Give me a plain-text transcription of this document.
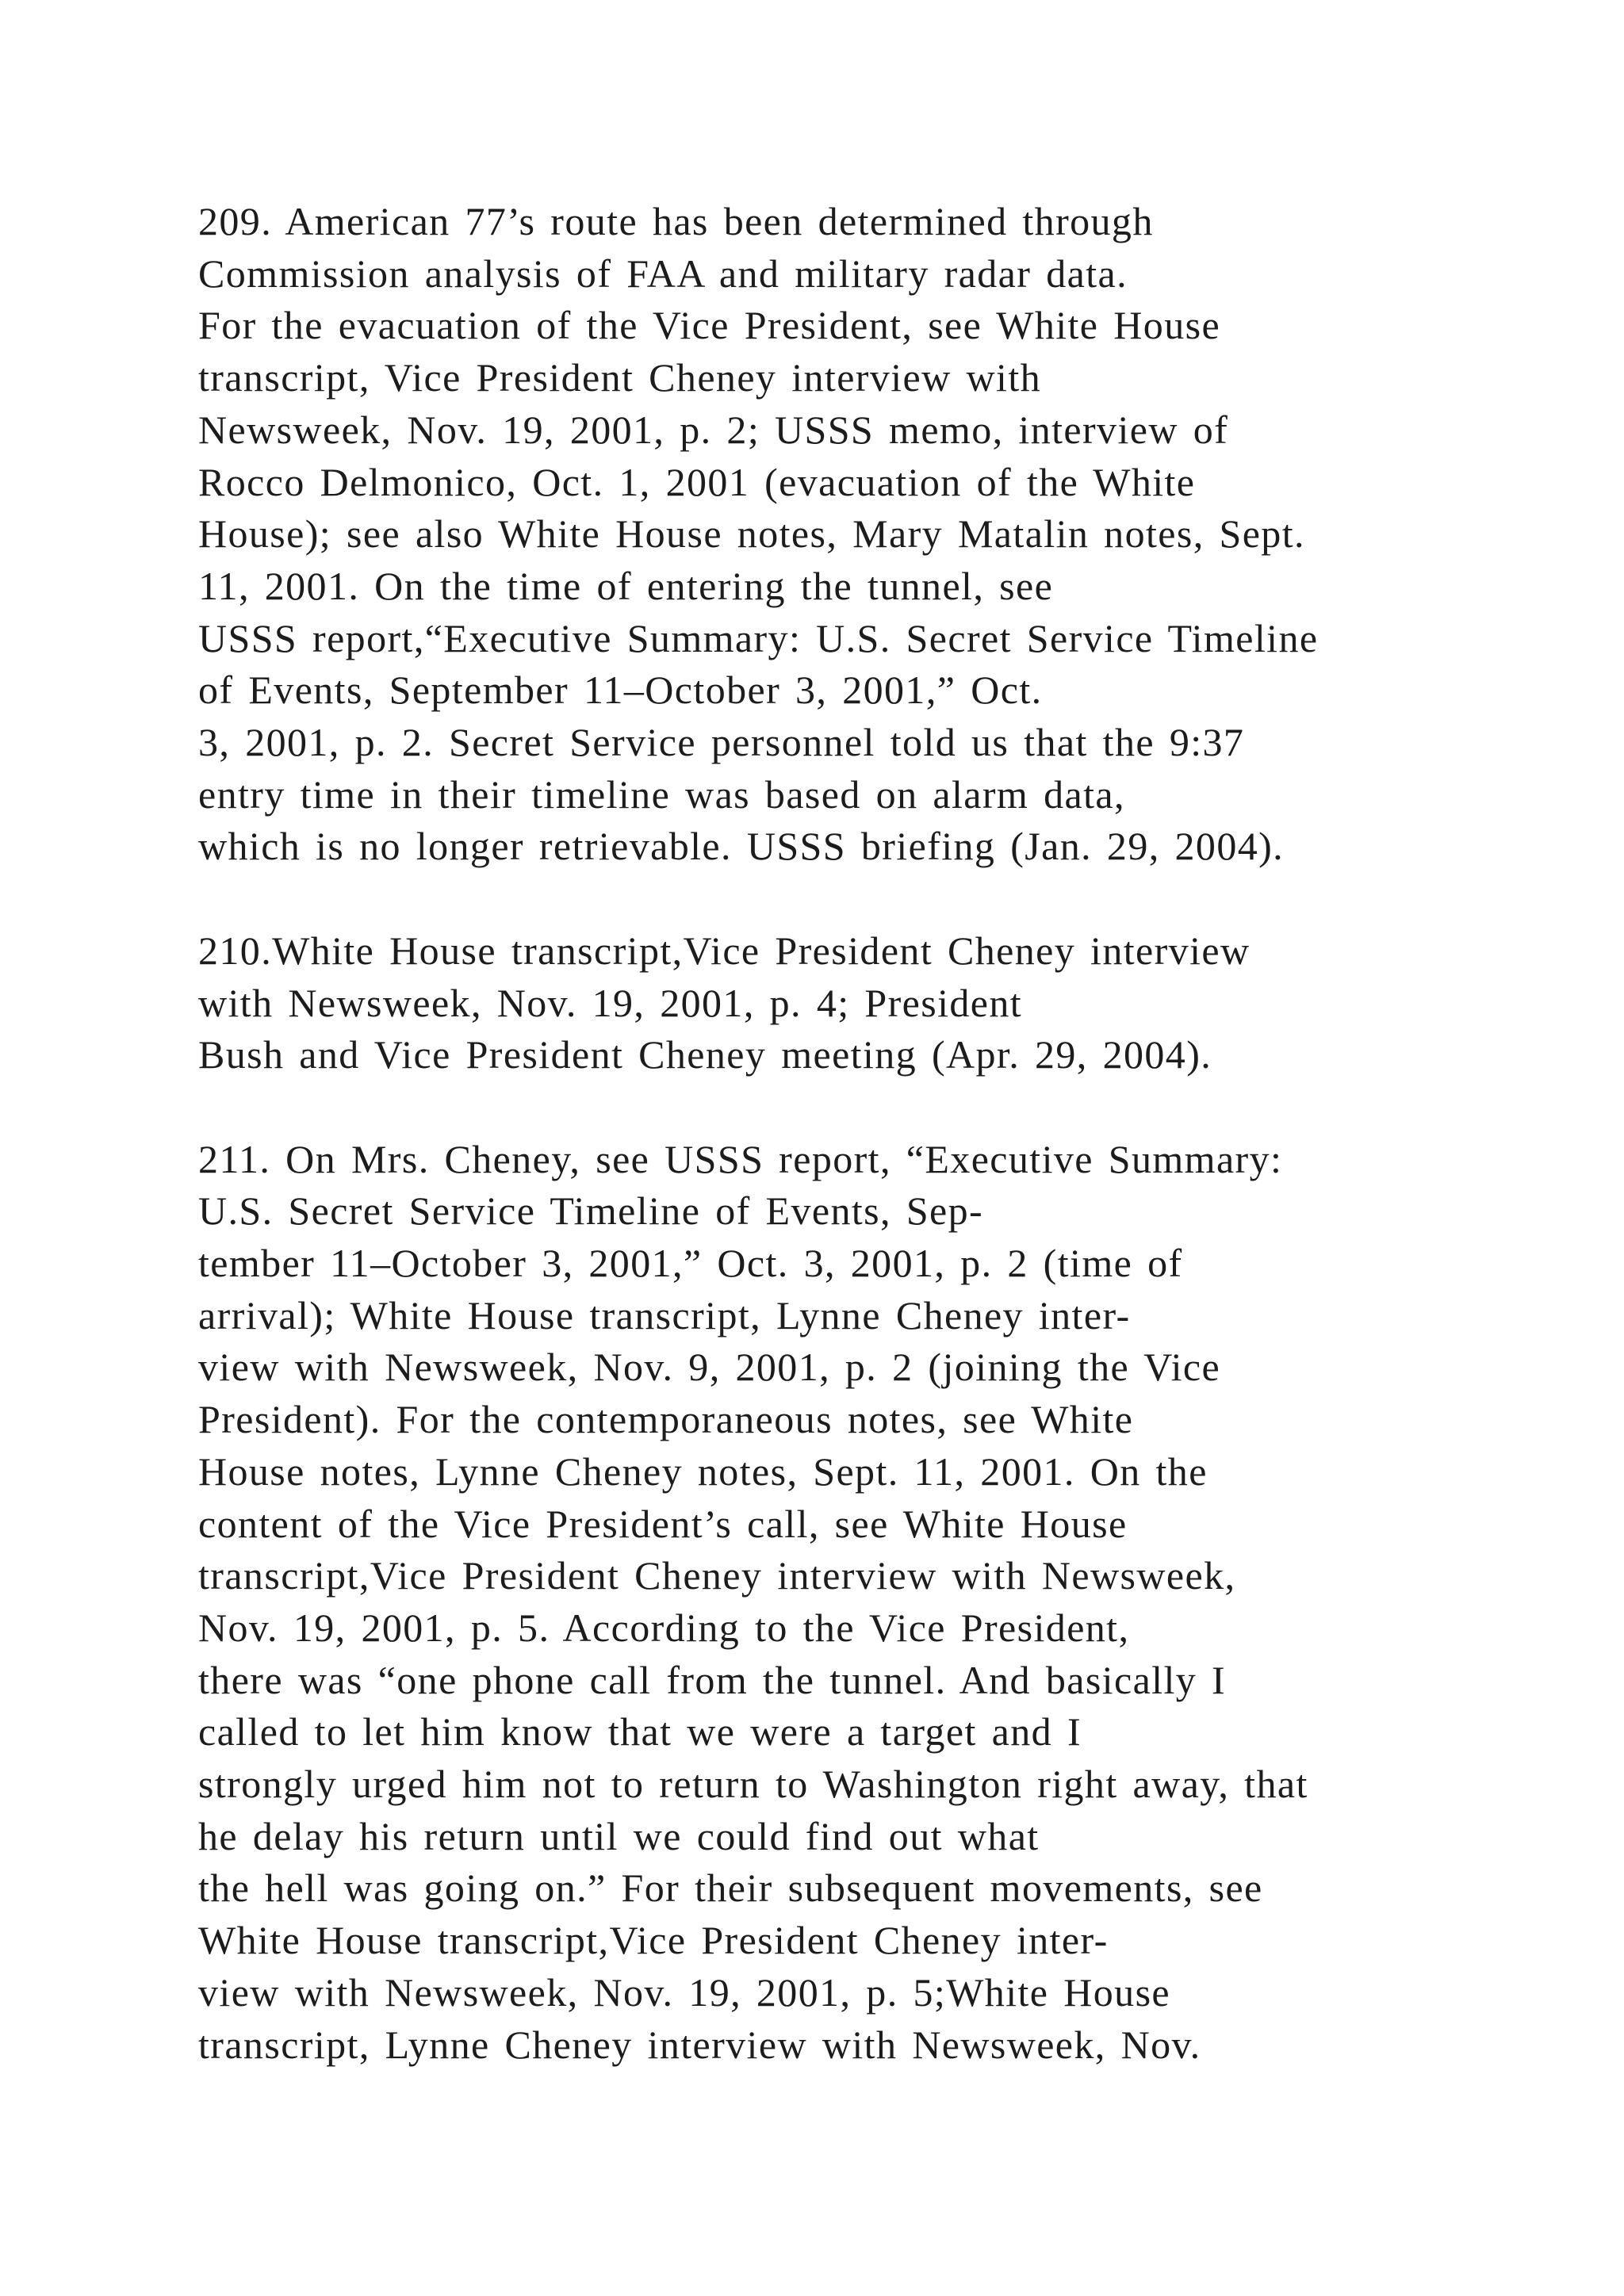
209. American 77’s route has been determined through
Commission analysis of FAA and military radar data.
For the evacuation of the Vice President, see White House
transcript, Vice President Cheney interview with
Newsweek, Nov. 19, 2001, p. 2; USSS memo, interview of
Rocco Delmonico, Oct. 1, 2001 (evacuation of the White
House); see also White House notes, Mary Matalin notes, Sept.
11, 2001. On the time of entering the tunnel, see
USSS report,“Executive Summary: U.S. Secret Service Timeline
of Events, September 11–October 3, 2001,” Oct.
3, 2001, p. 2. Secret Service personnel told us that the 9:37
entry time in their timeline was based on alarm data,
which is no longer retrievable. USSS briefing (Jan. 29, 2004).
210.White House transcript,Vice President Cheney interview
with Newsweek, Nov. 19, 2001, p. 4; President
Bush and Vice President Cheney meeting (Apr. 29, 2004).
211. On Mrs. Cheney, see USSS report, “Executive Summary:
U.S. Secret Service Timeline of Events, Sep-
tember 11–October 3, 2001,” Oct. 3, 2001, p. 2 (time of
arrival); White House transcript, Lynne Cheney inter-
view with Newsweek, Nov. 9, 2001, p. 2 (joining the Vice
President). For the contemporaneous notes, see White
House notes, Lynne Cheney notes, Sept. 11, 2001. On the
content of the Vice President’s call, see White House
transcript,Vice President Cheney interview with Newsweek,
Nov. 19, 2001, p. 5. According to the Vice President,
there was “one phone call from the tunnel. And basically I
called to let him know that we were a target and I
strongly urged him not to return to Washington right away, that
he delay his return until we could find out what
the hell was going on.” For their subsequent movements, see
White House transcript,Vice President Cheney inter-
view with Newsweek, Nov. 19, 2001, p. 5;White House
transcript, Lynne Cheney interview with Newsweek, Nov.
